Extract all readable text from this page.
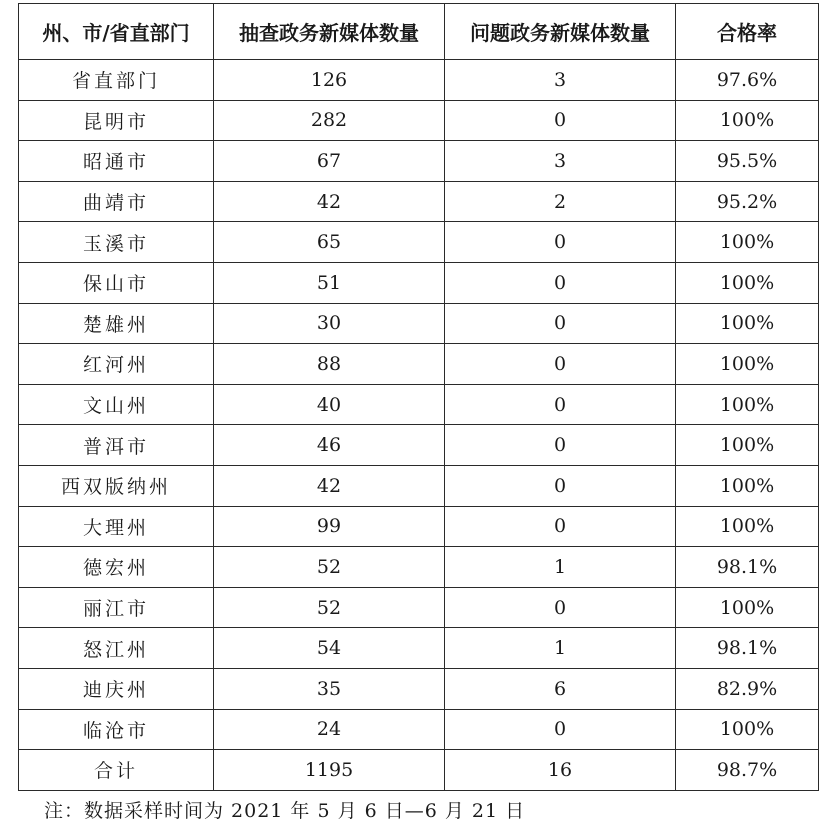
州、市/省直部门	抽查政务新媒体数量	问题政务新媒体数量	合格率
省直部门	126	3	97.6%
昆明市	282	0	100%
昭通市	67	3	95.5%
曲靖市	42	2	95.2%
玉溪市	65	0	100%
保山市	51	0	100%
楚雄州	30	0	100%
红河州	88	0	100%
文山州	40	0	100%
普洱市	46	0	100%
西双版纳州	42	0	100%
大理州	99	0	100%
德宏州	52	1	98.1%
丽江市	52	0	100%
怒江州	54	1	98.1%
迪庆州	35	6	82.9%
临沧市	24	0	100%
合计	1195	16	98.7%
注：数据采样时间为 2021 年 5 月 6 日—6 月 21 日
